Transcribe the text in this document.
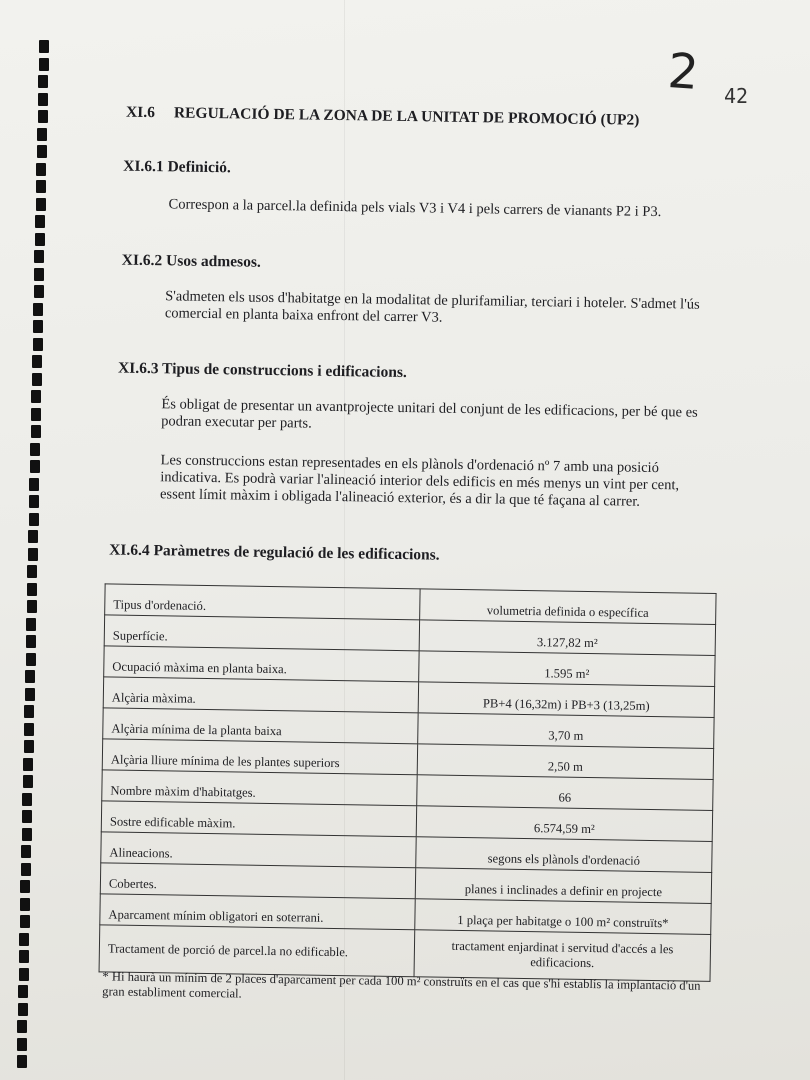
2 42
XI.6 REGULACIÓ DE LA ZONA DE LA UNITAT DE PROMOCIÓ (UP2)
XI.6.1 Definició.
Correspon a la parcel.la definida pels vials V3 i V4 i pels carrers de vianants P2 i P3.
XI.6.2 Usos admesos.
S'admeten els usos d'habitatge en la modalitat de plurifamiliar, terciari i hoteler. S'admet l'ús comercial en planta baixa enfront del carrer V3.
XI.6.3 Tipus de construccions i edificacions.
És obligat de presentar un avantprojecte unitari del conjunt de les edificacions, per bé que es podran executar per parts.
Les construccions estan representades en els plànols d'ordenació nº 7 amb una posició indicativa. Es podrà variar l'alineació interior dels edificis en més menys un vint per cent, essent límit màxim i obligada l'alineació exterior, és a dir la que té façana al carrer.
XI.6.4 Paràmetres de regulació de les edificacions.
Tipus d'ordenació.	volumetria definida o específica
Superfície.	3.127,82 m²
Ocupació màxima en planta baixa.	1.595 m²
Alçària màxima.	PB+4 (16,32m) i PB+3 (13,25m)
Alçària mínima de la planta baixa	3,70 m
Alçària lliure mínima de les plantes superiors	2,50 m
Nombre màxim d'habitatges.	66
Sostre edificable màxim.	6.574,59 m²
Alineacions.	segons els plànols d'ordenació
Cobertes.	planes i inclinades a definir en projecte
Aparcament mínim obligatori en soterrani.	1 plaça per habitatge o 100 m² construïts*
Tractament de porció de parcel.la no edificable.	tractament enjardinat i servitud d'accés a les edificacions.
* Hi haurà un mínim de 2 places d'aparcament per cada 100 m² construïts en el cas que s'hi establís la implantació d'un gran establiment comercial.
